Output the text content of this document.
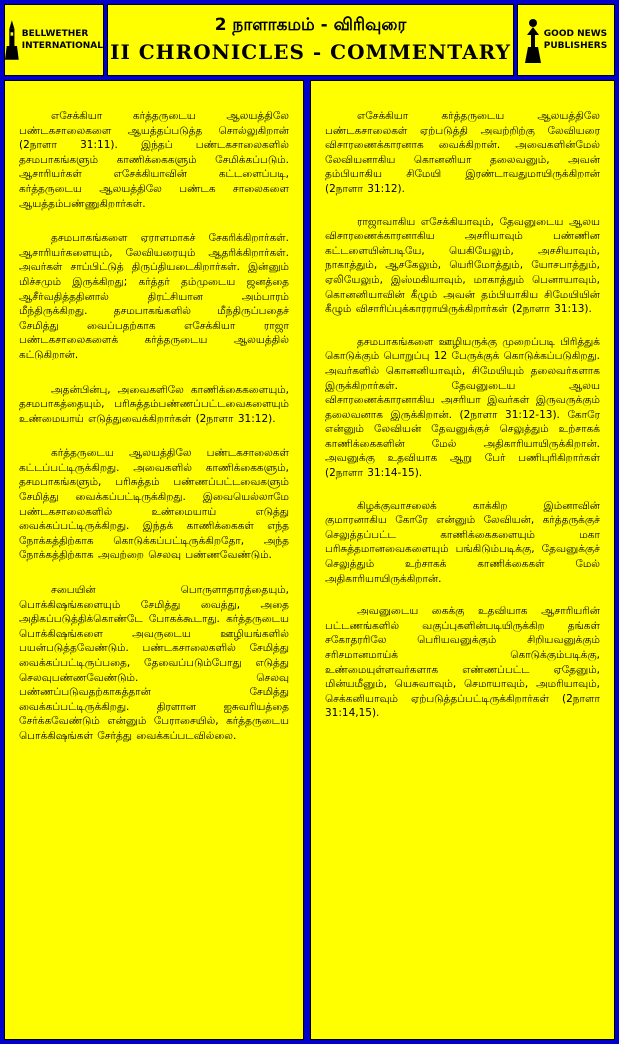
BELLWETHER
INTERNATIONAL
2 நாளாகமம் - விரிவுரை
II CHRONICLES - COMMENTARY
GOOD NEWS
PUBLISHERS

எசேக்கியா கர்த்தருடைய ஆலயத்திலே பண்டகசாலைகளை ஆயத்தப்படுத்த சொல்லுகிறான் (2நாளா 31:11). இந்தப் பண்டகசாலைகளில் தசமபாகங்களும் காணிக்கைகளும் சேமிக்கப்படும். ஆசாரியர்கள் எசேக்கியாவின் கட்டளைப்படி, கர்த்தருடைய ஆலயத்திலே பண்டக சாலைகளை ஆயத்தம்பண்ணுகிறார்கள்.

தசமபாகங்களை ஏராளமாகச் சேகரிக்கிறார்கள். ஆசாரியர்களையும், லேவியரையும் ஆதரிக்கிறார்கள். அவர்கள் சாப்பிட்டுத் திருப்தியடைகிறார்கள். இன்னும் மிச்சமும் இருக்கிறது; கர்த்தர் தம்முடைய ஜனத்தை ஆசீர்வதித்ததினால் திரட்சியான அம்பாரம் மீந்திருக்கிறது. தசமபாகங்களில் மீந்திருப்பதைச் சேமித்து வைப்பதற்காக எசேக்கியா ராஜா பண்டகசாலைகளைக் கர்த்தருடைய ஆலயத்தில் கட்டுகிறான்.

அதன்பின்பு, அவைகளிலே காணிக்கைகளையும், தசமபாகத்தையும், பரிசுத்தம்பண்ணப்பட்டவைகளையும் உண்மையாய் எடுத்துவைக்கிறார்கள் (2நாளா 31:12).

கர்த்தருடைய ஆலயத்திலே பண்டகசாலைகள் கட்டப்பட்டிருக்கிறது. அவைகளில் காணிக்கைகளும், தசமபாகங்களும், பரிசுத்தம் பண்ணப்பட்டவைகளும் சேமித்து வைக்கப்பட்டிருக்கிறது. இவையெல்லாமே பண்டகசாலைகளில் உண்மையாய் எடுத்து வைக்கப்பட்டிருக்கிறது. இந்தக் காணிக்கைகள் எந்த நோக்கத்திற்காக கொடுக்கப்பட்டிருக்கிறதோ, அந்த நோக்கத்திற்காக அவற்றை செலவு பண்ணவேண்டும்.

சபையின் பொருளாதாரத்தையும், பொக்கிஷங்களையும் சேமித்து வைத்து, அதை அதிகப்படுத்திக்கொண்டே போகக்கூடாது. கர்த்தருடைய பொக்கிஷங்களை அவருடைய ஊழியங்களில் பயன்படுத்தவேண்டும். பண்டகசாலைகளில் சேமித்து வைக்கப்பட்டிருப்பதை, தேவைப்படும்போது எடுத்து செலவுபண்ணவேண்டும். செலவு பண்ணப்படுவதற்காகத்தான் சேமித்து வைக்கப்பட்டிருக்கிறது. திரளான ஐசுவரியத்தை சேர்க்கவேண்டும் என்னும் பேராசையில், கர்த்தருடைய பொக்கிஷங்கள் சேர்த்து வைக்கப்படவில்லை.

எசேக்கியா கர்த்தருடைய ஆலயத்திலே பண்டகசாலைகள் ஏற்படுத்தி அவற்றிற்கு லேவியரை விசாரணைக்காரனாக வைக்கிறான். அவைகளின்மேல் லேவியனாகிய கொனனியா தலைவனும், அவன் தம்பியாகிய சிமேயி இரண்டாவதுமாயிருக்கிறான் (2நாளா 31:12).

ராஜாவாகிய எசேக்கியாவும், தேவனுடைய ஆலய விசாரணைக்காரனாகிய அசரியாவும் பண்ணின கட்டளையின்படியே, யெகியேலும், அசசியாவும், நாகாத்தும், ஆசகேலும், யெரிமோத்தும், யோசபாத்தும், ஏலியேலும், இஸ்மகியாவும், மாகாத்தும் பெனாயாவும், கொனனியாவின் கீழும் அவன் தம்பியாகிய சிமேயியின் கீழும் விசாரிப்புக்காரராயிருக்கிறார்கள் (2நாளா 31:13).

தசமபாகங்களை ஊழியருக்கு முறைப்படி பிரித்துக் கொடுக்கும் பொறுப்பு 12 பேருக்குக் கொடுக்கப்படுகிறது. அவர்களில் கொனனியாவும், சிமேயியும் தலைவர்களாக இருக்கிறார்கள். தேவனுடைய ஆலய விசாரணைக்காரனாகிய அசரியா இவர்கள் இருவருக்கும் தலைவனாக இருக்கிறான். (2நாளா 31:12-13). கோரே என்னும் லேவியன் தேவனுக்குச் செலுத்தும் உற்சாகக் காணிக்கைகளின் மேல் அதிகாரியாயிருக்கிறான். அவனுக்கு உதவியாக ஆறு பேர் பணிபுரிகிறார்கள் (2நாளா 31:14-15).

கிழக்குவாசலைக் காக்கிற இம்னாவின் குமாரனாகிய கோரே என்னும் லேவியன், கர்த்தருக்குச் செலுத்தப்பட்ட காணிக்கைகளையும் மகா பரிசுத்தமானவைகளையும் பங்கிடும்படிக்கு, தேவனுக்குச் செலுத்தும் உற்சாகக் காணிக்கைகள் மேல் அதிகாரியாயிருக்கிறான்.

அவனுடைய கைக்கு உதவியாக ஆசாரியரின் பட்டணங்களில் வகுப்புகளின்படியிருக்கிற தங்கள் சகோதரரிலே பெரியவனுக்கும் சிறியவனுக்கும் சரிசமானமாய்க் கொடுக்கும்படிக்கு, உண்மையுள்ளவர்களாக எண்ணப்பட்ட ஏதேனும், மின்யமீனும், யெசுவாவும், செமாயாவும், அமரியாவும், செக்கனியாவும் ஏற்படுத்தப்பட்டிருக்கிறார்கள் (2நாளா 31:14,15).
